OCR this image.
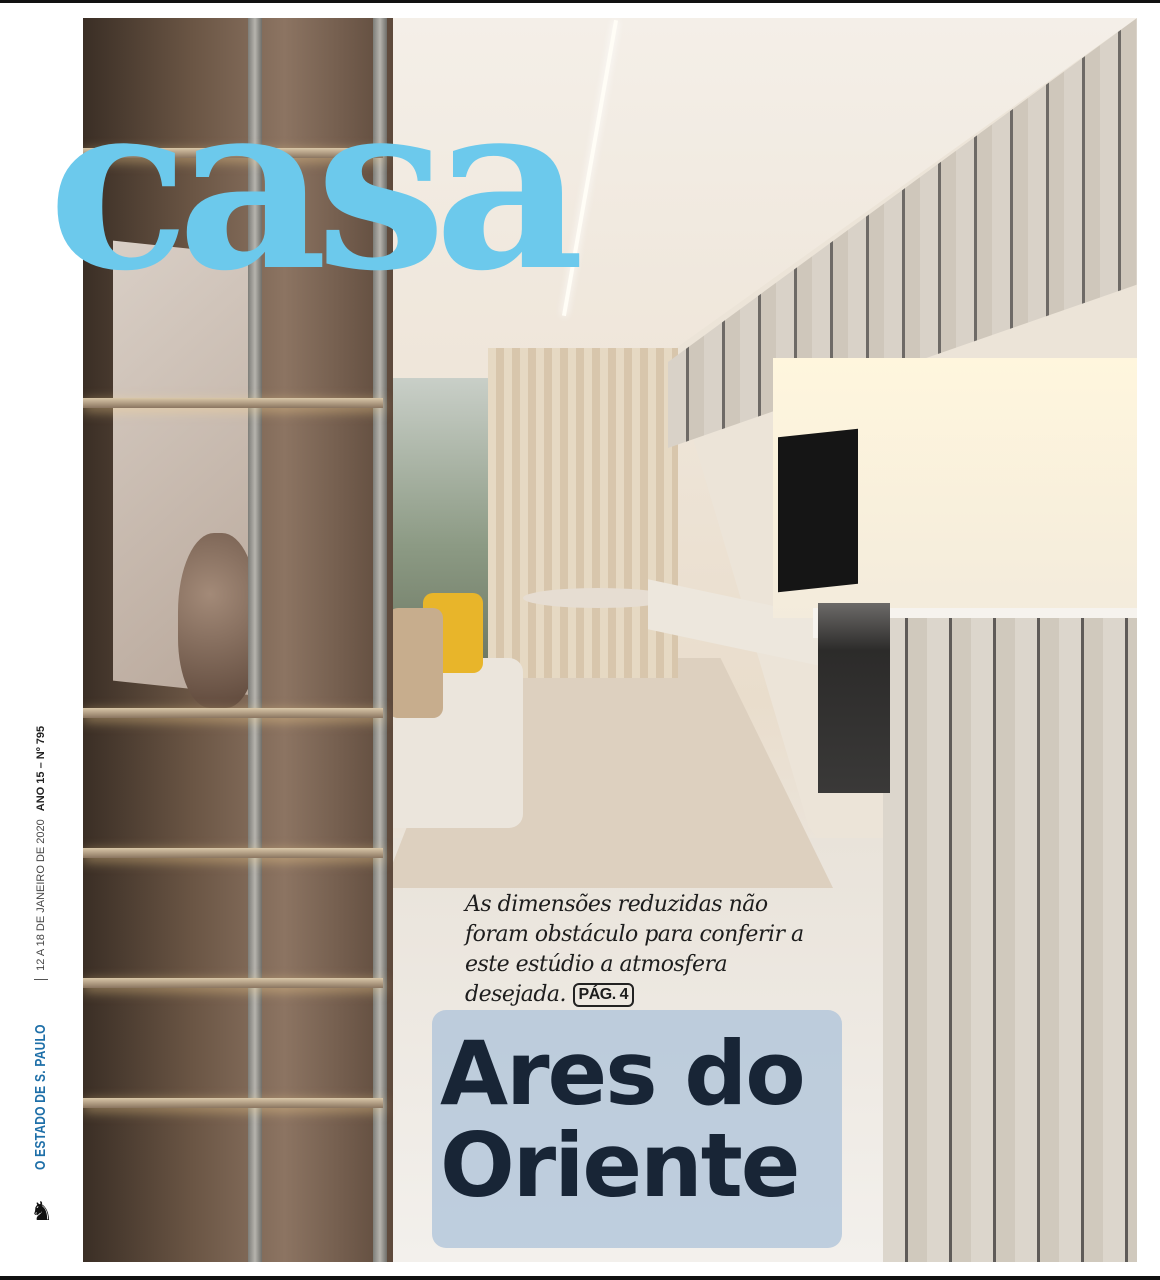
casa
O ESTADO DE S. PAULO
12 A 18 DE JANEIRO DE 2020
ANO 15 – Nº 795
♞
As dimensões reduzidas não foram obstáculo para conferir a este estúdio a atmosfera desejada. PÁG. 4
Ares do
Oriente
